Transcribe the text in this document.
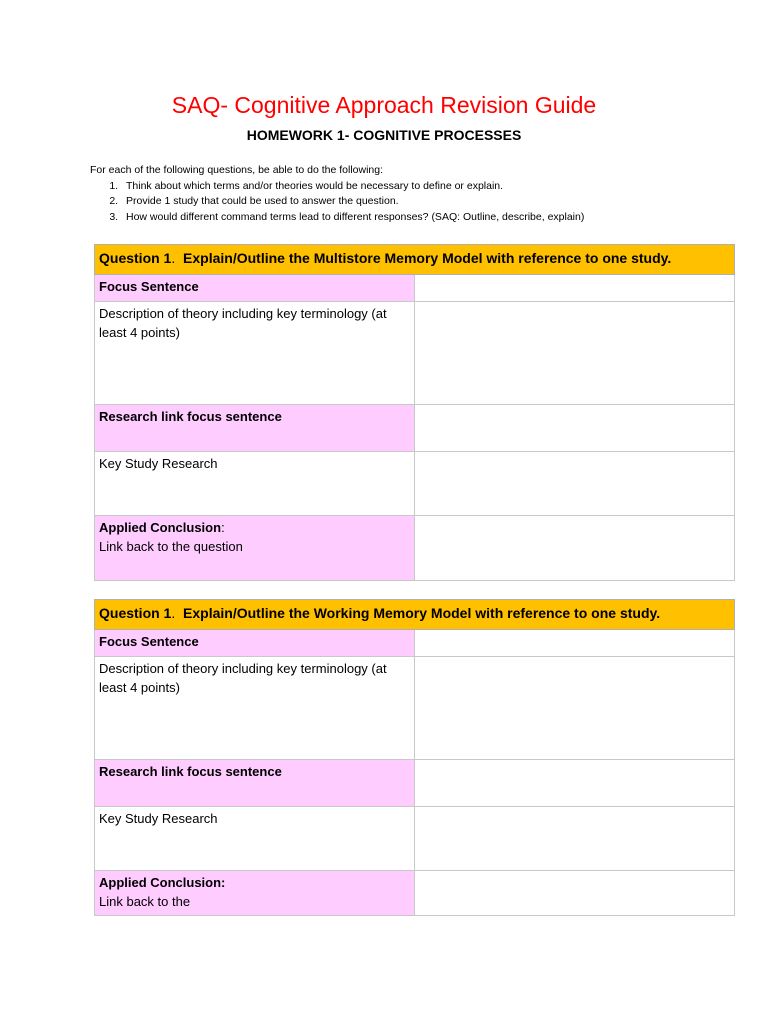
SAQ- Cognitive Approach Revision Guide
HOMEWORK 1- COGNITIVE PROCESSES
For each of the following questions, be able to do the following:
1. Think about which terms and/or theories would be necessary to define or explain.
2. Provide 1 study that could be used to answer the question.
3. How would different command terms lead to different responses? (SAQ: Outline, describe, explain)
Question 1. Explain/Outline the Multistore Memory Model with reference to one study.	
Focus Sentence	
Description of theory including key terminology (at least 4 points)	
Research link focus sentence	
Key Study Research	
Applied Conclusion:
Link back to the question	
Question 1. Explain/Outline the Working Memory Model with reference to one study.	
Focus Sentence	
Description of theory including key terminology (at least 4 points)	
Research link focus sentence	
Key Study Research	
Applied Conclusion:
Link back to the	
